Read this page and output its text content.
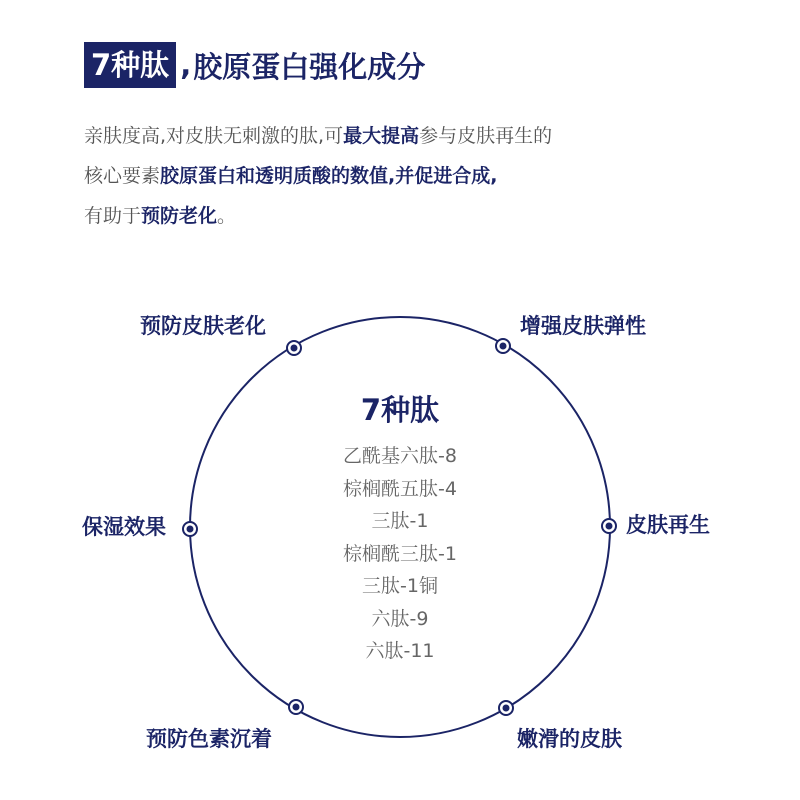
7种肽 , 胶原蛋白强化成分
亲肤度高,对皮肤无刺激的肽,可最大提高参与皮肤再生的
核心要素胶原蛋白和透明质酸的数值,并促进合成,
有助于预防老化。
7种肽
乙酰基六肽-8
棕榈酰五肽-4
三肽-1
棕榈酰三肽-1
三肽-1铜
六肽-9
六肽-11
预防皮肤老化	增强皮肤弹性
保湿效果	皮肤再生
预防色素沉着	嫩滑的皮肤
